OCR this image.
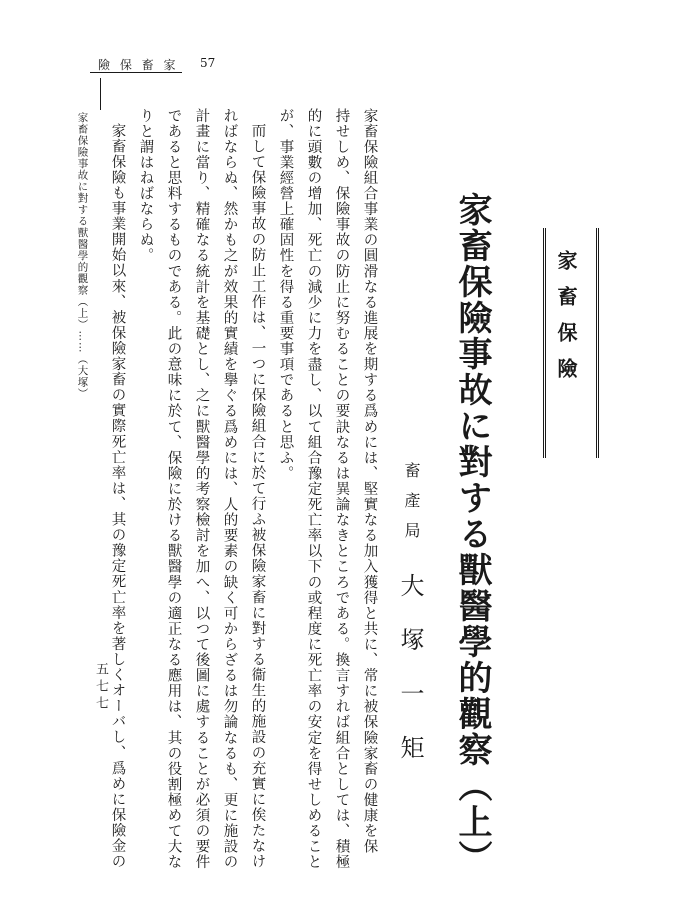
險 保 畜 家 57
家畜保險
家畜保險事故に對する獸醫學的觀察（上）
畜產局
大塚一矩
家畜保險組合事業の圓滑なる進展を期する爲めには、堅實なる加入獲得と共に、常に被保險家畜の健康を保
持せしめ、保險事故の防止に努むることの要訣なるは異論なきところである。換言すれば組合としては、積極
的に頭數の增加、死亡の減少に力を盡し、以て組合豫定死亡率以下の或程度に死亡率の安定を得せしめること
が、事業經營上確固性を得る重要事項であると思ふ。
而して保險事故の防止工作は、一つに保險組合に於て行ふ被保險家畜に對する衞生的施設の充實に俟たなけ
ればならぬ、然かも之が效果的實績を擧ぐる爲めには、人的要素の缺く可からざるは勿論なるも、更に施設の
計畫に當り、精確なる統計を基礎とし、之に獸醫學的考察檢討を加へ、以つて後圖に處することが必須の要件
であると思料するものである。此の意味に於て、保險に於ける獸醫學の適正なる應用は、其の役割極めて大な
りと謂はねばならぬ。
家畜保險も事業開始以來、被保險家畜の實際死亡率は、其の豫定死亡率を著しくオーバし、爲めに保險金の
家畜保險事故に對する獸醫學的觀察（上）……（大塚）
五七七
